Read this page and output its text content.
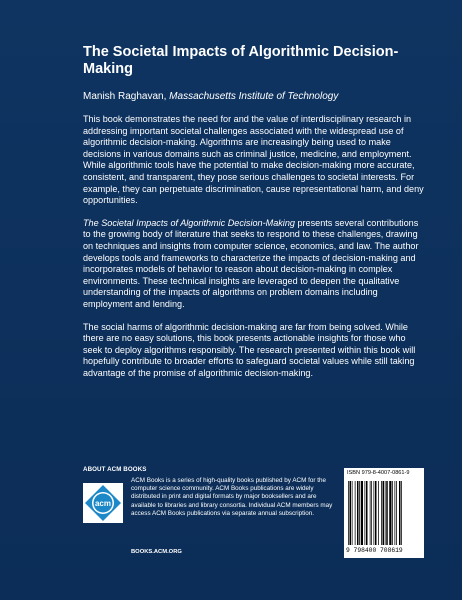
The Societal Impacts of Algorithmic Decision-Making
Manish Raghavan, Massachusetts Institute of Technology

This book demonstrates the need for and the value of interdisciplinary research in addressing important societal challenges associated with the widespread use of algorithmic decision-making. Algorithms are increasingly being used to make decisions in various domains such as criminal justice, medicine, and employment. While algorithmic tools have the potential to make decision-making more accurate, consistent, and transparent, they pose serious challenges to societal interests. For example, they can perpetuate discrimination, cause representational harm, and deny opportunities.

The Societal Impacts of Algorithmic Decision-Making presents several contributions to the growing body of literature that seeks to respond to these challenges, drawing on techniques and insights from computer science, economics, and law. The author develops tools and frameworks to characterize the impacts of decision-making and incorporates models of behavior to reason about decision-making in complex environments. These technical insights are leveraged to deepen the qualitative understanding of the impacts of algorithms on problem domains including employment and lending.

The social harms of algorithmic decision-making are far from being solved. While there are no easy solutions, this book presents actionable insights for those who seek to deploy algorithms responsibly. The research presented within this book will hopefully contribute to broader efforts to safeguard societal values while still taking advantage of the promise of algorithmic decision-making.

ABOUT ACM BOOKS
acm
ACM Books is a series of high-quality books published by ACM for the computer science community. ACM Books publications are widely distributed in print and digital formats by major booksellers and are available to libraries and library consortia. Individual ACM members may access ACM Books publications via separate annual subscription.
BOOKS.ACM.ORG
ISBN 979-8-4007-0861-9
9 798400 708619
